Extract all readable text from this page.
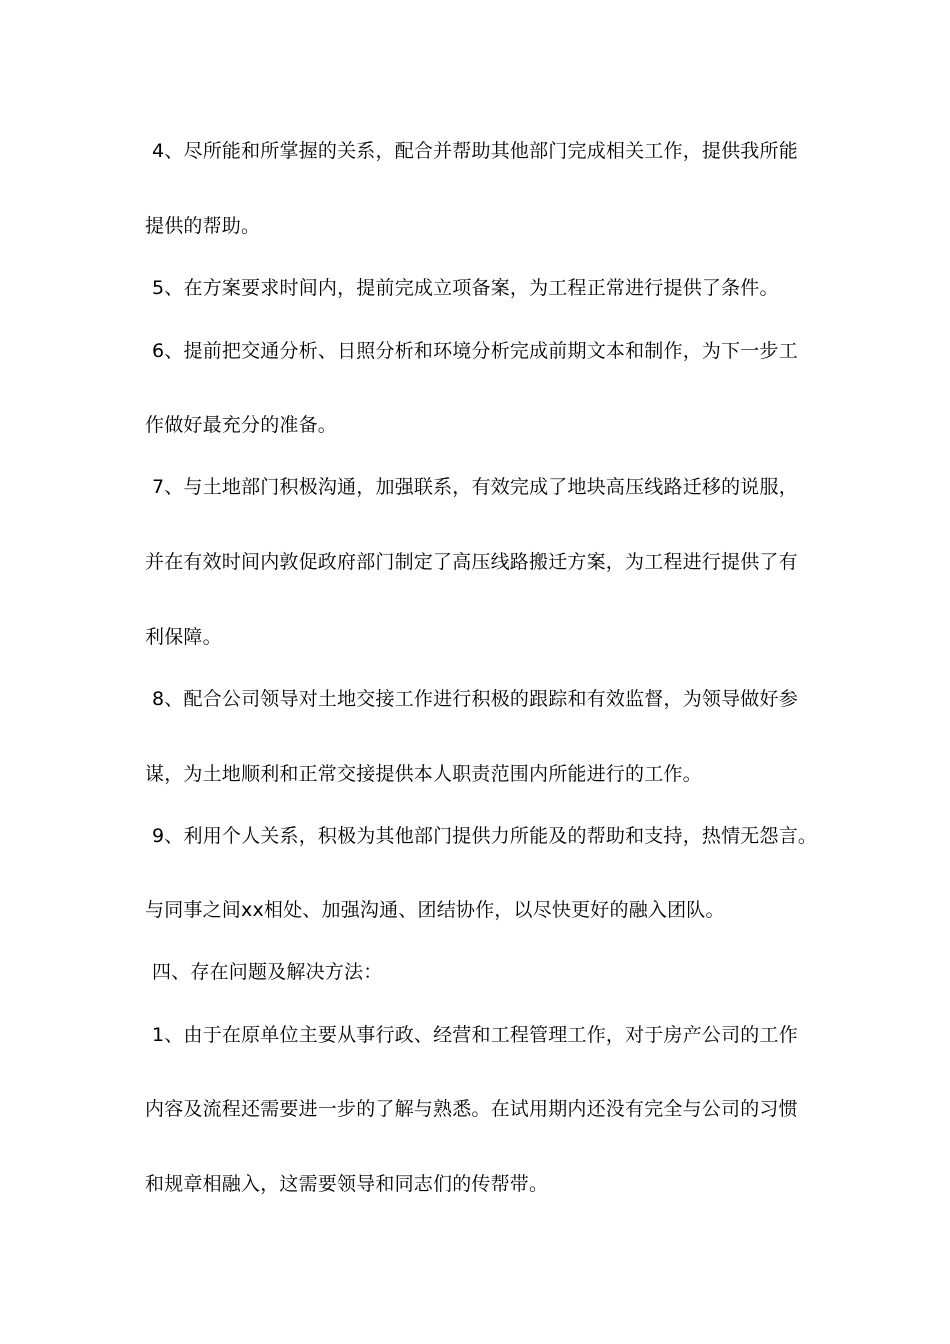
4、尽所能和所掌握的关系，配合并帮助其他部门完成相关工作，提供我所能
提供的帮助。
5、在方案要求时间内，提前完成立项备案，为工程正常进行提供了条件。
6、提前把交通分析、日照分析和环境分析完成前期文本和制作，为下一步工
作做好最充分的准备。
7、与土地部门积极沟通，加强联系，有效完成了地块高压线路迁移的说服，
并在有效时间内敦促政府部门制定了高压线路搬迁方案，为工程进行提供了有
利保障。
8、配合公司领导对土地交接工作进行积极的跟踪和有效监督，为领导做好参
谋，为土地顺利和正常交接提供本人职责范围内所能进行的工作。
9、利用个人关系，积极为其他部门提供力所能及的帮助和支持，热情无怨言。
与同事之间xx相处、加强沟通、团结协作，以尽快更好的融入团队。
四、存在问题及解决方法：
1、由于在原单位主要从事行政、经营和工程管理工作，对于房产公司的工作
内容及流程还需要进一步的了解与熟悉。在试用期内还没有完全与公司的习惯
和规章相融入，这需要领导和同志们的传帮带。
